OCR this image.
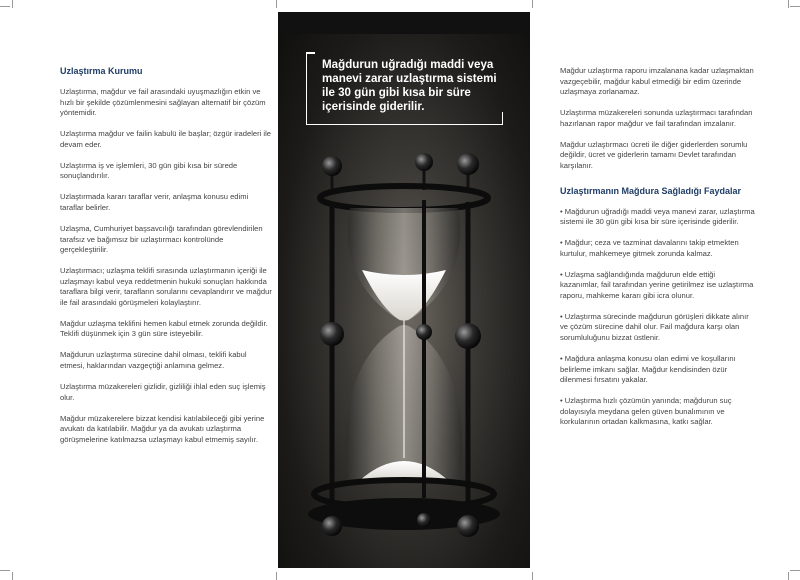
Uzlaştırma Kurumu

Uzlaştırma, mağdur ve fail arasındaki uyuşmazlığın etkin ve hızlı bir şekilde çözümlenmesini sağlayan alternatif bir çözüm yöntemidir.

Uzlaştırma mağdur ve failin kabulü ile başlar; özgür iradeleri ile devam eder.

Uzlaştırma iş ve işlemleri, 30 gün gibi kısa bir sürede sonuçlandırılır.

Uzlaştırmada kararı taraflar verir, anlaşma konusu edimi taraflar belirler.

Uzlaşma, Cumhuriyet başsavcılığı tarafından görevlendirilen tarafsız ve bağımsız bir uzlaştırmacı kontrolünde gerçekleştirilir.

Uzlaştırmacı; uzlaşma teklifi sırasında uzlaştırmanın içeriği ile uzlaşmayı kabul veya reddetmenin hukuki sonuçları hakkında taraflara bilgi verir, tarafların sorularını cevaplandırır ve mağdur ile fail arasındaki görüşmeleri kolaylaştırır.

Mağdur uzlaşma teklifini hemen kabul etmek zorunda değildir. Teklifi düşünmek için 3 gün süre isteyebilir.

Mağdurun uzlaştırma sürecine dahil olması, teklifi kabul etmesi, haklarından vazgeçtiği anlamına gelmez.

Uzlaştırma müzakereleri gizlidir, gizliliği ihlal eden suç işlemiş olur.

Mağdur müzakerelere bizzat kendisi katılabileceği gibi yerine avukatı da katılabilir. Mağdur ya da avukatı uzlaştırma görüşmelerine katılmazsa uzlaşmayı kabul etmemiş sayılır.

Mağdurun uğradığı maddi veya manevi zarar uzlaştırma sistemi ile 30 gün gibi kısa bir süre içerisinde giderilir.

Mağdur uzlaştırma raporu imzalanana kadar uzlaşmaktan vazgeçebilir, mağdur kabul etmediği bir edim üzerinde uzlaşmaya zorlanamaz.

Uzlaştırma müzakereleri sonunda uzlaştırmacı tarafından hazırlanan rapor mağdur ve fail tarafından imzalanır.

Mağdur uzlaştırmacı ücreti ile diğer giderlerden sorumlu değildir, ücret ve giderlerin tamamı Devlet tarafından karşılanır.

Uzlaştırmanın Mağdura Sağladığı Faydalar

• Mağdurun uğradığı maddi veya manevi zarar, uzlaştırma sistemi ile 30 gün gibi kısa bir süre içerisinde giderilir.

• Mağdur; ceza ve tazminat davalarını takip etmekten kurtulur, mahkemeye gitmek zorunda kalmaz.

• Uzlaşma sağlandığında mağdurun elde ettiği kazanımlar, fail tarafından yerine getirilmez ise uzlaştırma raporu, mahkeme kararı gibi icra olunur.

• Uzlaştırma sürecinde mağdurun görüşleri dikkate alınır ve çözüm sürecine dahil olur. Fail mağdura karşı olan sorumluluğunu bizzat üstlenir.

• Mağdura anlaşma konusu olan edimi ve koşullarını belirleme imkanı sağlar. Mağdur kendisinden özür dilenmesi fırsatını yakalar.

• Uzlaştırma hızlı çözümün yanında; mağdurun suç dolayısıyla meydana gelen güven bunalımının ve korkularının ortadan kalkmasına, katkı sağlar.
